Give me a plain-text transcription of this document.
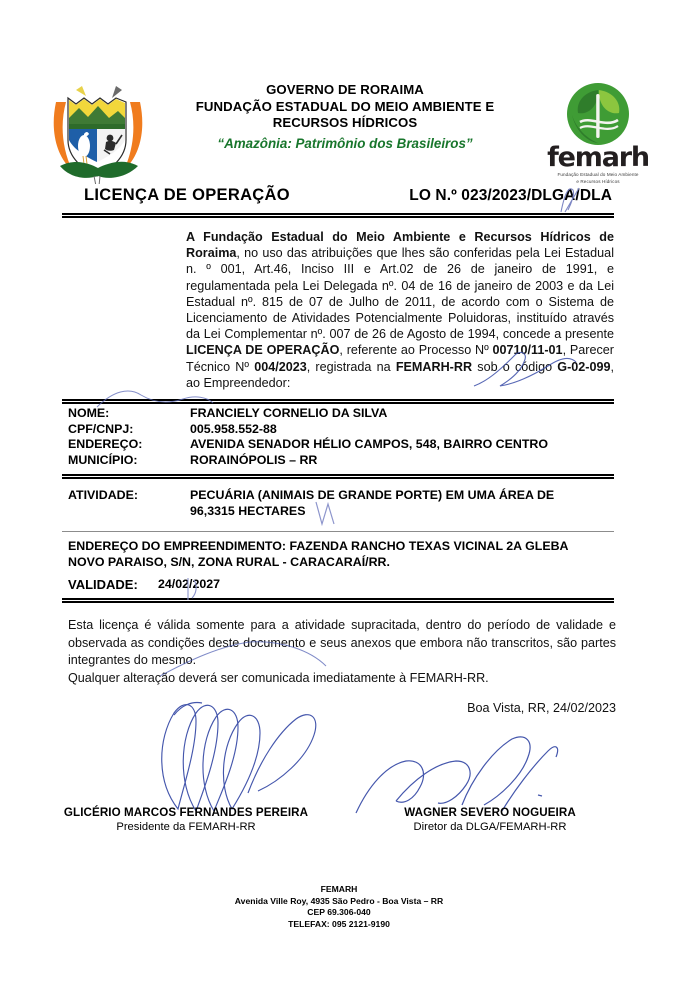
GOVERNO DE RORAIMA
FUNDAÇÃO ESTADUAL DO MEIO AMBIENTE E
RECURSOS HÍDRICOS
“Amazônia: Patrimônio dos Brasileiros”	femarh
Fundação Estadual do Meio Ambiente
e Recursos Hídricos
LICENÇA DE OPERAÇÃO	LO N.º 023/2023/DLGA/DLA
A Fundação Estadual do Meio Ambiente e Recursos Hídricos de Roraima, no uso das atribuições que lhes são conferidas pela Lei Estadual n. º 001, Art.46, Inciso III e Art.02 de 26 de janeiro de 1991, e regulamentada pela Lei Delegada nº. 04 de 16 de janeiro de 2003 e da Lei Estadual nº. 815 de 07 de Julho de 2011, de acordo com o Sistema de Licenciamento de Atividades Potencialmente Poluidoras, instituído através da Lei Complementar nº. 007 de 26 de Agosto de 1994, concede a presente LICENÇA DE OPERAÇÃO, referente ao Processo Nº 00710/11-01, Parecer Técnico Nº 004/2023, registrada na FEMARH-RR sob o código G-02-099, ao Empreendedor:
NOME:	FRANCIELY CORNELIO DA SILVA
CPF/CNPJ:	005.958.552-88
ENDEREÇO:	AVENIDA SENADOR HÉLIO CAMPOS, 548, BAIRRO CENTRO
MUNICÍPIO:	RORAINÓPOLIS – RR
ATIVIDADE:	PECUÁRIA (ANIMAIS DE GRANDE PORTE) EM UMA ÁREA DE
96,3315 HECTARES
ENDEREÇO DO EMPREENDIMENTO: FAZENDA RANCHO TEXAS VICINAL 2A GLEBA
NOVO PARAISO, S/N, ZONA RURAL - CARACARAÍ/RR.
VALIDADE:	24/02/2027
Esta licença é válida somente para a atividade supracitada, dentro do período de validade e observada as condições deste documento e seus anexos que embora não transcritos, são partes integrantes do mesmo.
Qualquer alteração deverá ser comunicada imediatamente à FEMARH-RR.
Boa Vista, RR, 24/02/2023
GLICÉRIO MARCOS FERNANDES PEREIRA
Presidente da FEMARH-RR
WAGNER SEVERO NOGUEIRA
Diretor da DLGA/FEMARH-RR
FEMARH
Avenida Ville Roy, 4935 São Pedro - Boa Vista – RR
CEP 69.306-040
TELEFAX: 095 2121-9190
